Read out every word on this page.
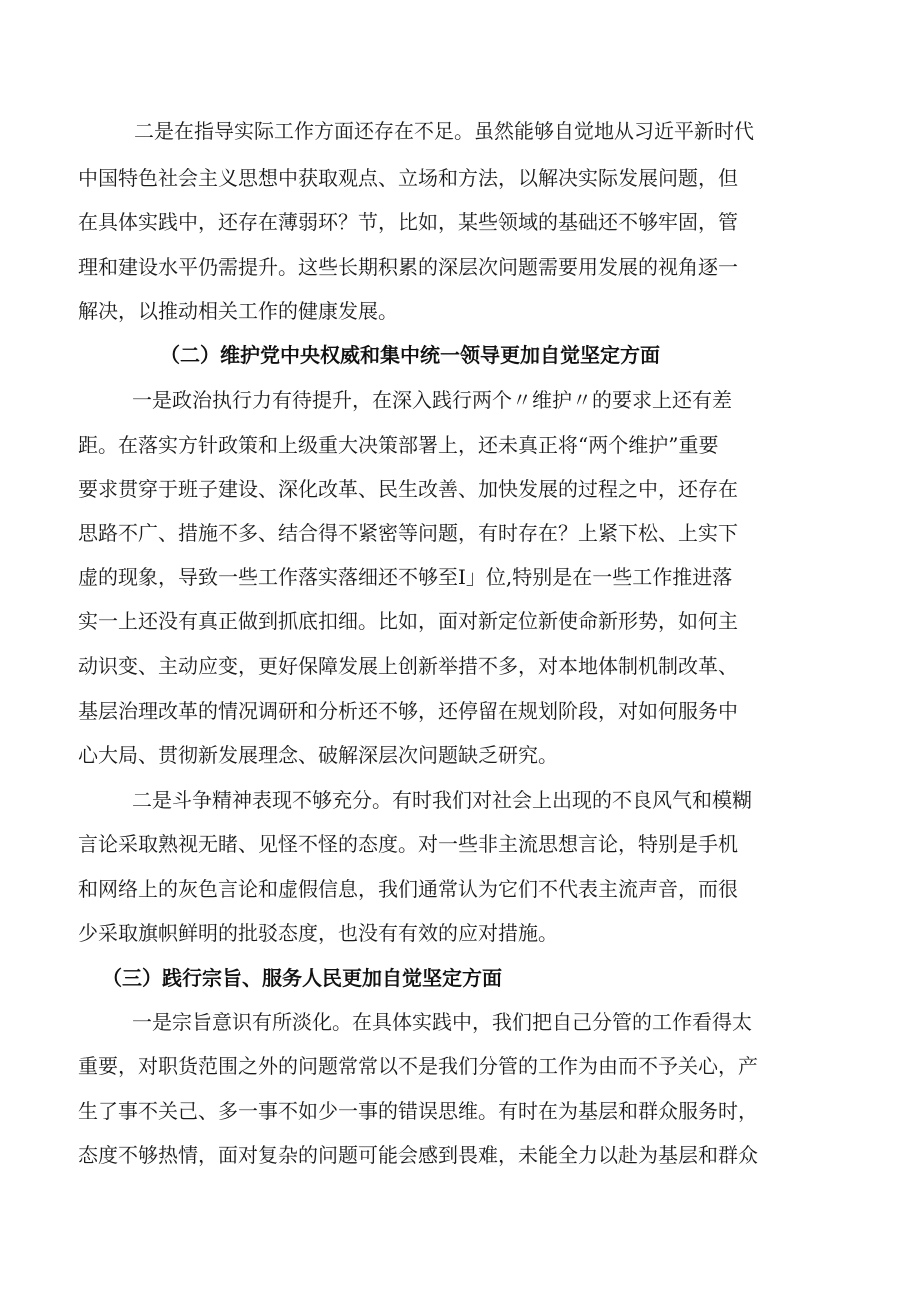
二是在指导实际工作方面还存在不足。虽然能够自觉地从习近平新时代
中国特色社会主义思想中获取观点、立场和方法，以解决实际发展问题，但
在具体实践中，还存在薄弱环？节，比如，某些领域的基础还不够牢固，管
理和建设水平仍需提升。这些长期积累的深层次问题需要用发展的视角逐一
解决，以推动相关工作的健康发展。
（二）维护党中央权威和集中统一领导更加自觉坚定方面
一是政治执行力有待提升，在深入践行两个〃维护〃的要求上还有差
距。在落实方针政策和上级重大决策部署上，还未真正将“两个维护”重要
要求贯穿于班子建设、深化改革、民生改善、加快发展的过程之中，还存在
思路不广、措施不多、结合得不紧密等问题，有时存在？上紧下松、上实下
虚的现象，导致一些工作落实落细还不够至I」位,特别是在一些工作推进落
实一上还没有真正做到抓底扣细。比如，面对新定位新使命新形势，如何主
动识变、主动应变，更好保障发展上创新举措不多，对本地体制机制改革、
基层治理改革的情况调研和分析还不够，还停留在规划阶段，对如何服务中
心大局、贯彻新发展理念、破解深层次问题缺乏研究。
二是斗争精神表现不够充分。有时我们对社会上出现的不良风气和模糊
言论采取熟视无睹、见怪不怪的态度。对一些非主流思想言论，特别是手机
和网络上的灰色言论和虚假信息，我们通常认为它们不代表主流声音，而很
少采取旗帜鲜明的批驳态度，也没有有效的应对措施。
（三）践行宗旨、服务人民更加自觉坚定方面
一是宗旨意识有所淡化。在具体实践中，我们把自己分管的工作看得太
重要，对职货范围之外的问题常常以不是我们分管的工作为由而不予关心，产
生了事不关己、多一事不如少一事的错误思维。有时在为基层和群众服务时，
态度不够热情，面对复杂的问题可能会感到畏难，未能全力以赴为基层和群众
